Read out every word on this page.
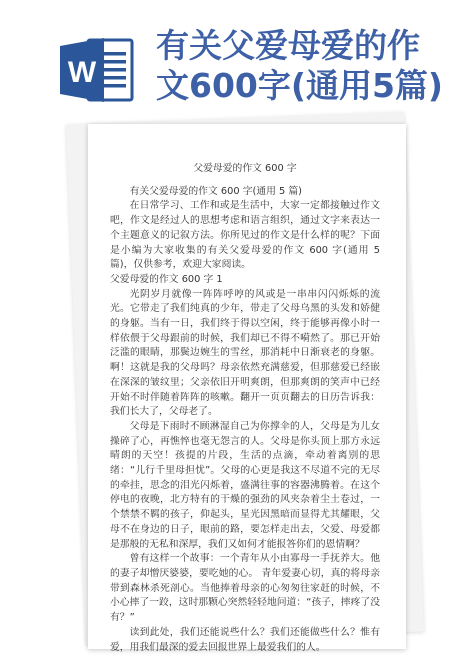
W
有关父爱母爱的作
文600字(通用5篇)
父爱母爱的作文 600 字

有关父爱母爱的作文 600 字(通用 5 篇)

在日常学习、工作和或是生活中，大家一定都接触过作文吧，作文是经过人的思想考虑和语言组织，通过文字来表达一个主题意义的记叙方法。你所见过的作文是什么样的呢？下面是小编为大家收集的有关父爱母爱的作文 600 字(通用 5 篇)，仅供参考，欢迎大家阅读。

父爱母爱的作文 600 字 1

光阴岁月就像一阵阵呼哼的风或是一串串闪闪烁烁的流光。它带走了我们纯真的少年，带走了父母乌黑的头发和娇健的身躯。当有一日，我们终于得以空闲，终于能够再像小时一样依偎于父母跟前的时候，我们却已不得不嗬然了。那已开始泛滥的眼睛，那鬓边婉生的雪丝，那消耗中日渐衰老的身躯。 啊！这就是我的父母吗？母亲依然充满慈爱，但那慈爱已经嵌在深深的皱纹里；父亲依旧开明爽朗，但那爽朗的笑声中已经开始不时伴随着阵阵的咳嗽。翻开一页页翻去的日历告诉我：我们长大了，父母老了。

父母是下雨时不顾淋湿自己为你撑伞的人，父母是为儿女操碎了心，再憔悴也毫无怨言的人。父母是你头顶上那方永远晴朗的天空！孩提的片段，生活的点滴，牵动着离别的思绪：“儿行千里母担忧”。父母的心更是我这不尽道不完的无尽的牵挂，思念的泪光闪烁着，盛满往事的容器沸腾着。在这个停电的夜晚，北方特有的干燥的强劲的风夹杂着尘土卷过，一个禁禁不羁的孩子，仰起头，星光因黑暗而显得尤其耀眼，父母不在身边的日子，眼前的路，要怎样走出去，父爱、母爱都是那般的无私和深厚，我们又如何才能报答你们的恩情啊？

曾有这样一个故事：一个青年从小由寡母一手抚养大。他的妻子却憎厌婆婆，要吃她的心。 青年爱妻心切，真的将母亲带到森林杀死剖心。当他捧着母亲的心匆匆往家赶的时候，不小心摔了一跤，这时那颗心突然轻轻地问道：“孩子，摔疼了没有？”

读到此处，我们还能说些什么？我们还能做些什么？惟有爱，用我们最深的爱去回报世界上最爱我们的人。
